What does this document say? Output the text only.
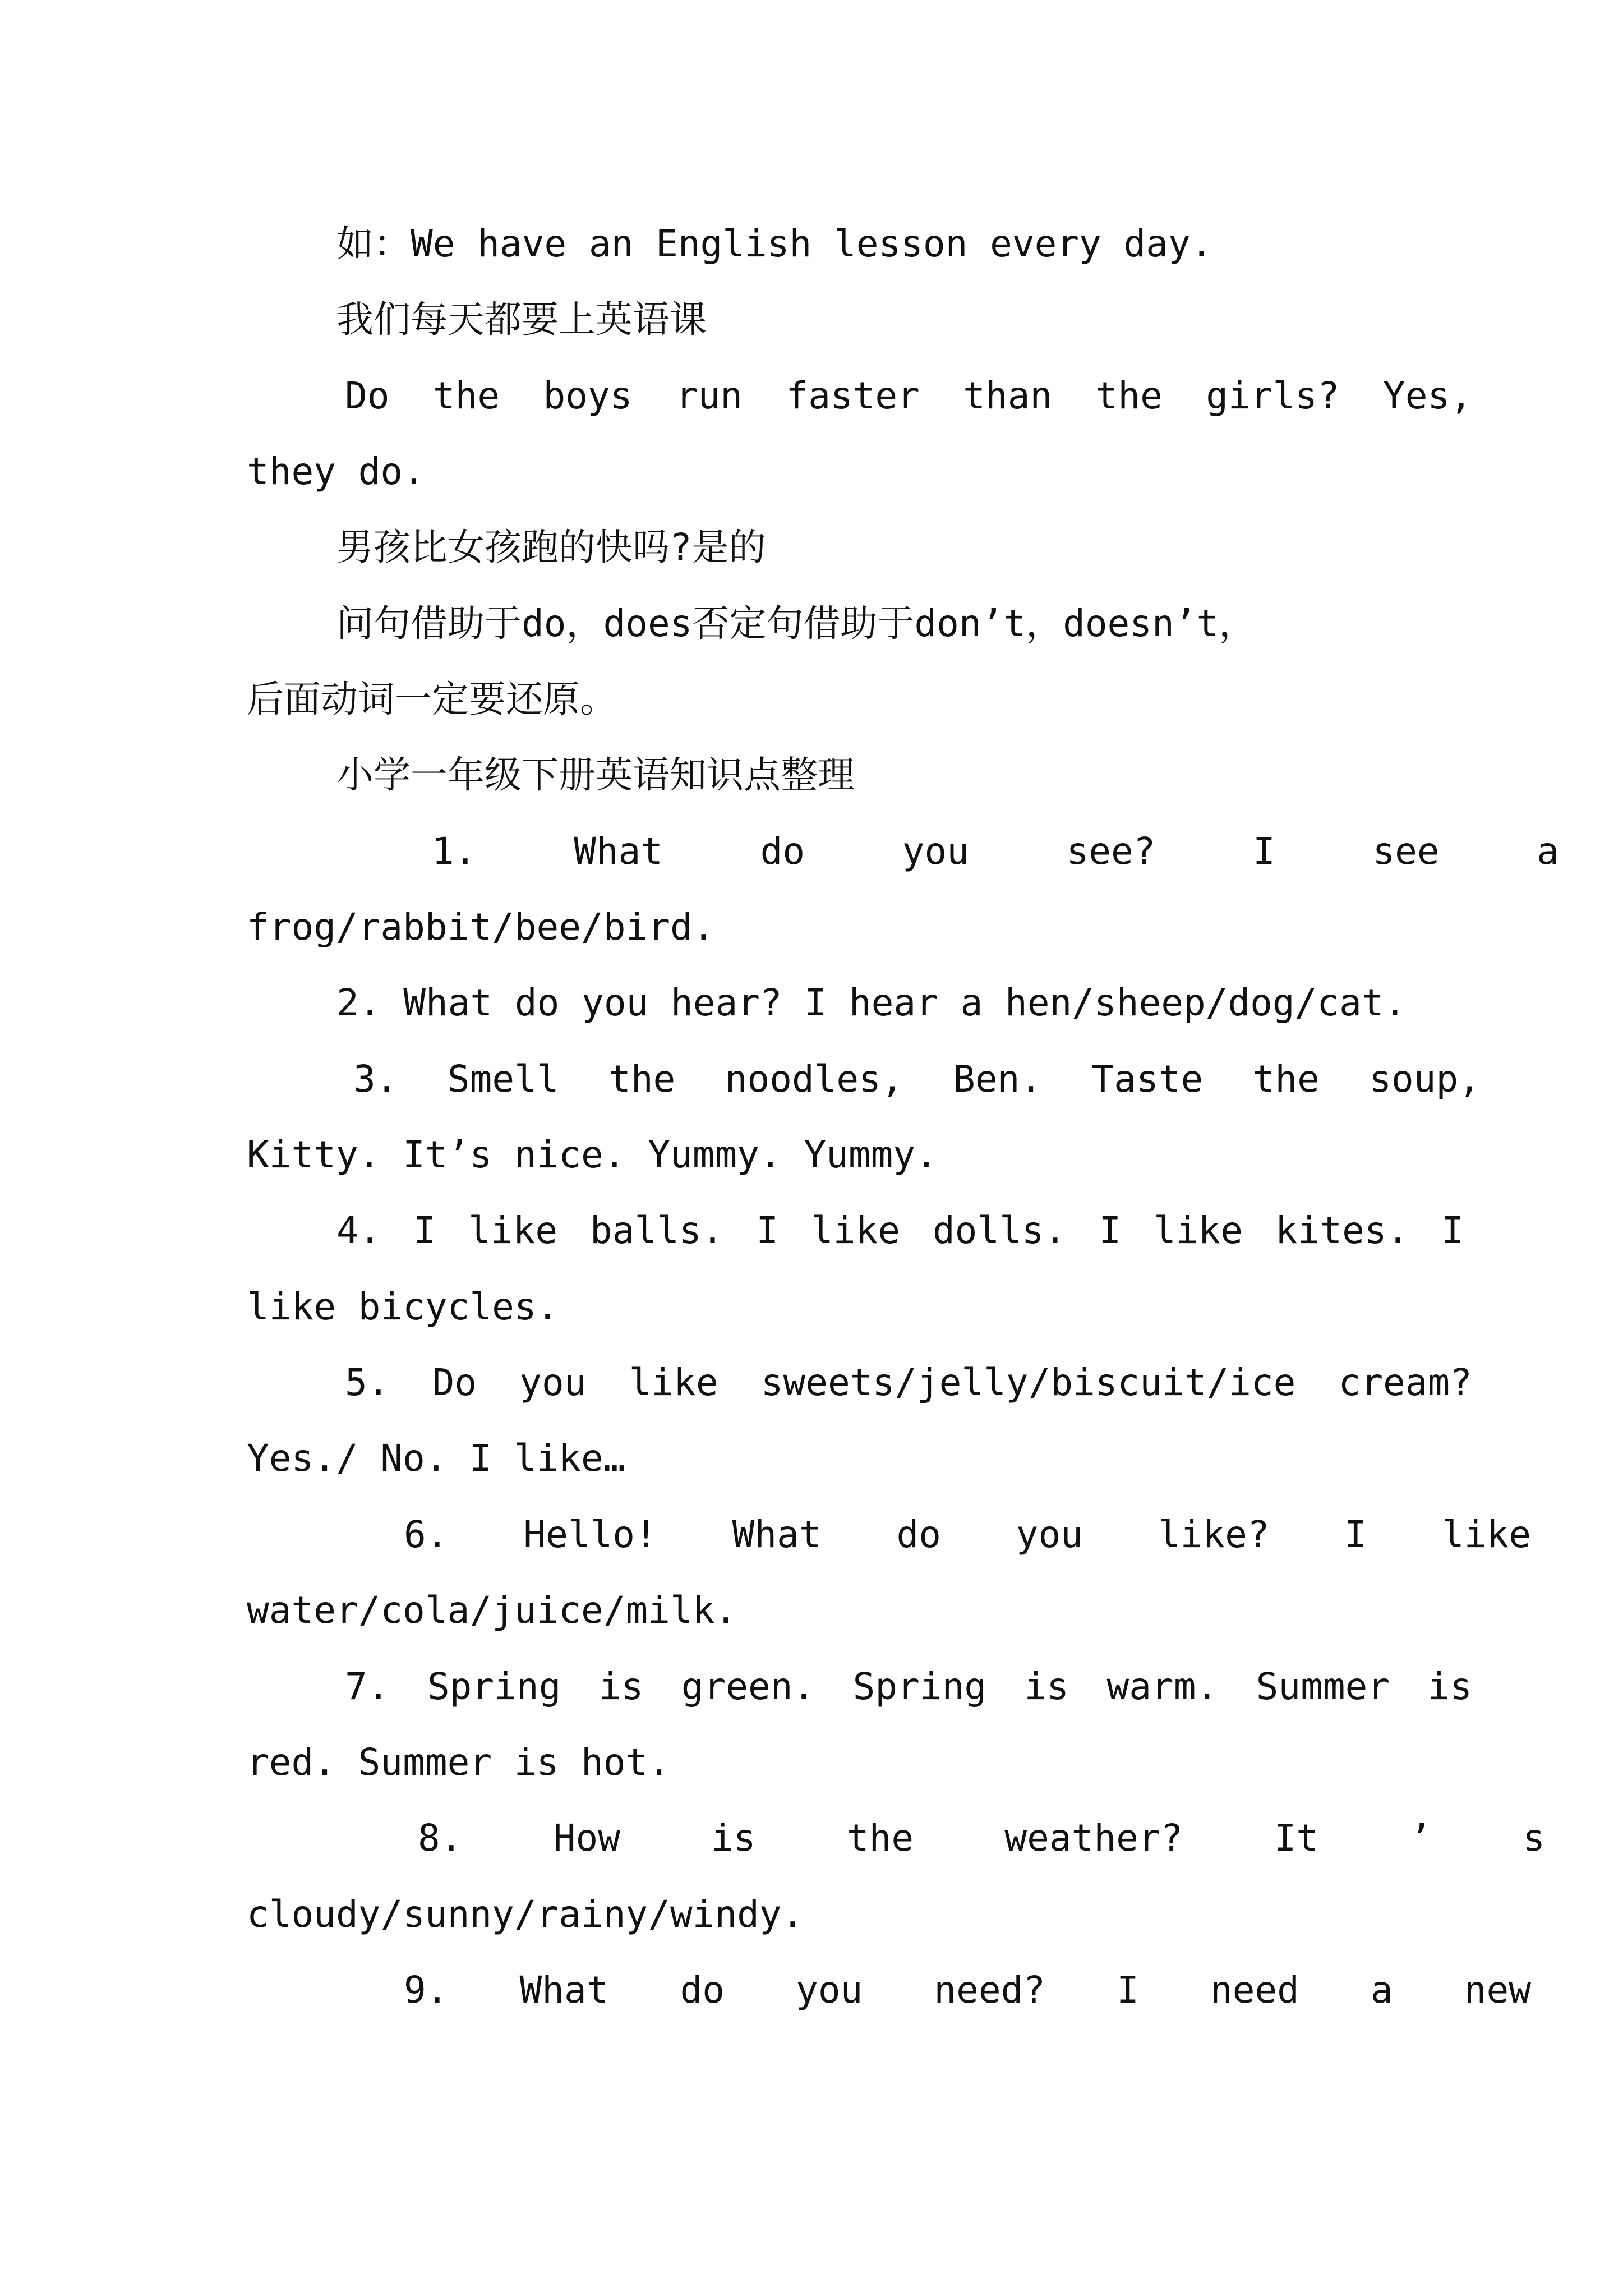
如：We have an English lesson every day.
我们每天都要上英语课
Do the boys run faster than the girls? Yes,
they do.
男孩比女孩跑的快吗?是的
问句借助于do，does否定句借助于don’t，doesn’t，
后面动词一定要还原。
小学一年级下册英语知识点整理
1. What do you see? I see a
frog/rabbit/bee/bird.
2. What do you hear? I hear a hen/sheep/dog/cat.
3. Smell the noodles, Ben. Taste the soup,
Kitty. It’s nice. Yummy. Yummy.
4. I like balls. I like dolls. I like kites. I
like bicycles.
5. Do you like sweets/jelly/biscuit/ice cream?
Yes./ No. I like…
6. Hello! What do you like? I like
water/cola/juice/milk.
7. Spring is green. Spring is warm. Summer is
red. Summer is hot.
8. How is the weather? It ’ s
cloudy/sunny/rainy/windy.
9. What do you need? I need a new
